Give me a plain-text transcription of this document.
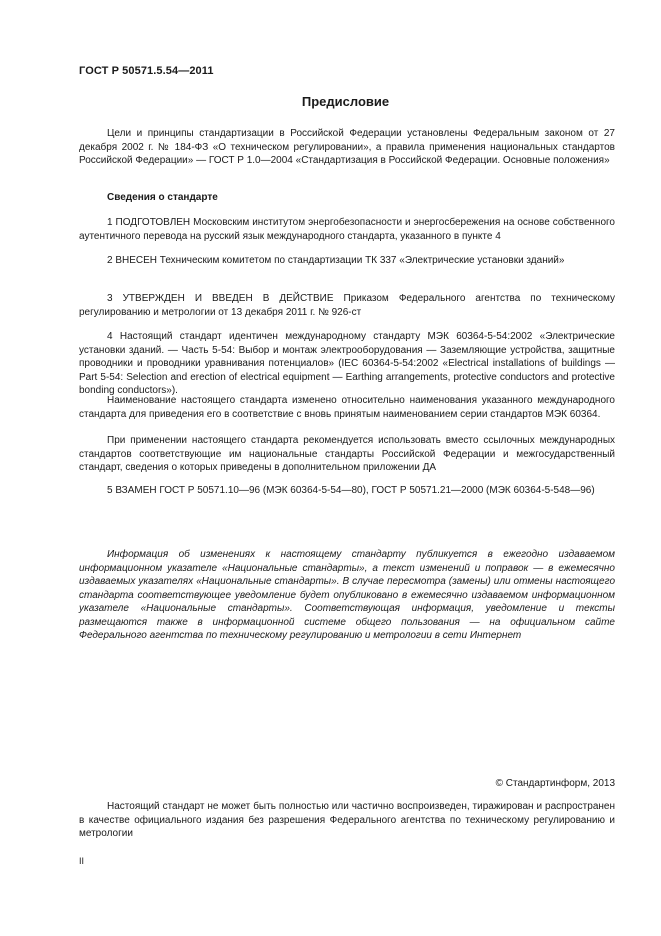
ГОСТ Р 50571.5.54—2011
Предисловие

Цели и принципы стандартизации в Российской Федерации установлены Федеральным законом от 27 декабря 2002 г. № 184-ФЗ «О техническом регулировании», а правила применения национальных стандартов Российской Федерации» — ГОСТ Р 1.0—2004 «Стандартизация в Российской Федерации. Основные положения»

Сведения о стандарте

1 ПОДГОТОВЛЕН Московским институтом энергобезопасности и энергосбережения на основе собственного аутентичного перевода на русский язык международного стандарта, указанного в пункте 4

2 ВНЕСЕН Техническим комитетом по стандартизации ТК 337 «Электрические установки зданий»

3 УТВЕРЖДЕН И ВВЕДЕН В ДЕЙСТВИЕ Приказом Федерального агентства по техническому регулированию и метрологии от 13 декабря 2011 г. № 926-ст

4 Настоящий стандарт идентичен международному стандарту МЭК 60364-5-54:2002 «Электрические установки зданий. — Часть 5-54: Выбор и монтаж электрооборудования — Заземляющие устройства, защитные проводники и проводники уравнивания потенциалов» (IEC 60364-5-54:2002 «Electrical installations of buildings — Part 5-54: Selection and erection of electrical equipment — Earthing arrangements, protective conductors and protective bonding conductors»).

Наименование настоящего стандарта изменено относительно наименования указанного международного стандарта для приведения его в соответствие с вновь принятым наименованием серии стандартов МЭК 60364.

При применении настоящего стандарта рекомендуется использовать вместо ссылочных международных стандартов соответствующие им национальные стандарты Российской Федерации и межгосударственный стандарт, сведения о которых приведены в дополнительном приложении ДА

5 ВЗАМЕН ГОСТ Р 50571.10—96 (МЭК 60364-5-54—80), ГОСТ Р 50571.21—2000 (МЭК 60364-5-548—96)

Информация об изменениях к настоящему стандарту публикуется в ежегодно издаваемом информационном указателе «Национальные стандарты», а текст изменений и поправок — в ежемесячно издаваемых указателях «Национальные стандарты». В случае пересмотра (замены) или отмены настоящего стандарта соответствующее уведомление будет опубликовано в ежемесячно издаваемом информационном указателе «Национальные стандарты». Соответствующая информация, уведомление и тексты размещаются также в информационной системе общего пользования — на официальном сайте Федерального агентства по техническому регулированию и метрологии в сети Интернет

© Стандартинформ, 2013

Настоящий стандарт не может быть полностью или частично воспроизведен, тиражирован и распространен в качестве официального издания без разрешения Федерального агентства по техническому регулированию и метрологии

II
